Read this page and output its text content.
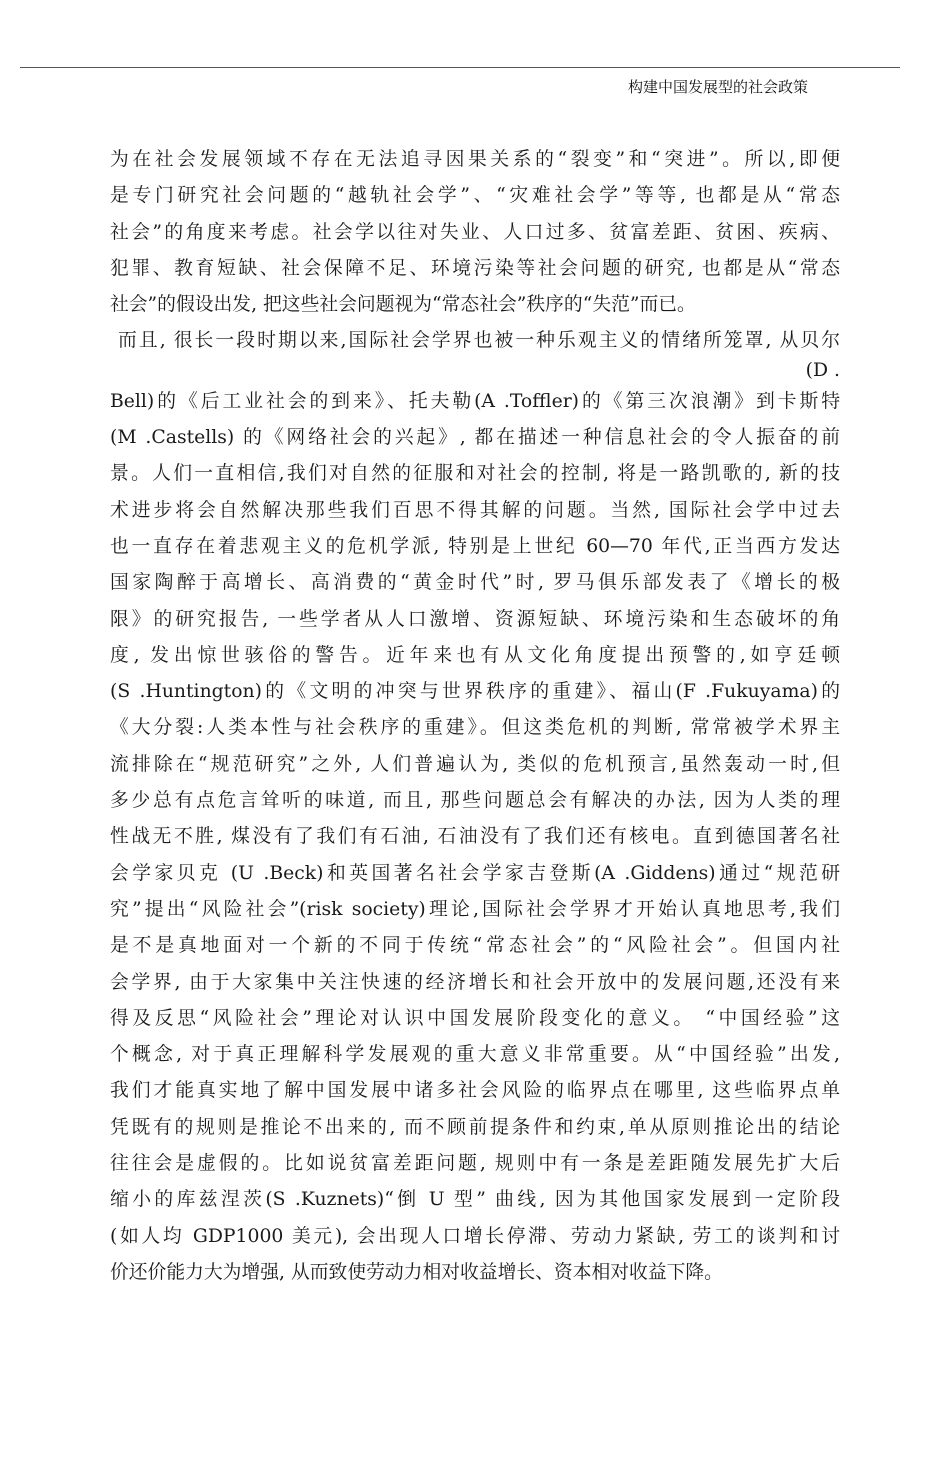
构建中国发展型的社会政策
为在社会发展领域不存在无法追寻因果关系的“裂变”和“突进”。所以,即便
是专门研究社会问题的“越轨社会学”、“灾难社会学”等等, 也都是从“常态
社会”的角度来考虑。社会学以往对失业、人口过多、贫富差距、贫困、疾病、
犯罪、教育短缺、社会保障不足、环境污染等社会问题的研究, 也都是从“常态
社会”的假设出发, 把这些社会问题视为“常态社会”秩序的“失范”而已。
而且, 很长一段时期以来,国际社会学界也被一种乐观主义的情绪所笼罩, 从贝尔
(D .
Bell)的《后工业社会的到来》、托夫勒(A .Toffler)的《第三次浪潮》到卡斯特
(M .Castells) 的《网络社会的兴起》, 都在描述一种信息社会的令人振奋的前
景。人们一直相信,我们对自然的征服和对社会的控制, 将是一路凯歌的, 新的技
术进步将会自然解决那些我们百思不得其解的问题。当然, 国际社会学中过去
也一直存在着悲观主义的危机学派, 特别是上世纪 60—70 年代,正当西方发达
国家陶醉于高增长、高消费的“黄金时代”时, 罗马俱乐部发表了《增长的极
限》的研究报告, 一些学者从人口激增、资源短缺、环境污染和生态破坏的角
度, 发出惊世骇俗的警告。近年来也有从文化角度提出预警的,如亨廷顿
(S .Huntington)的《文明的冲突与世界秩序的重建》、福山(F .Fukuyama)的
《大分裂:人类本性与社会秩序的重建》。但这类危机的判断, 常常被学术界主
流排除在“规范研究”之外, 人们普遍认为, 类似的危机预言,虽然轰动一时,但
多少总有点危言耸听的味道, 而且, 那些问题总会有解决的办法, 因为人类的理
性战无不胜, 煤没有了我们有石油, 石油没有了我们还有核电。直到德国著名社
会学家贝克 (U .Beck)和英国著名社会学家吉登斯(A .Giddens)通过“规范研
究”提出“风险社会”(risk society)理论,国际社会学界才开始认真地思考,我们
是不是真地面对一个新的不同于传统“常态社会”的“风险社会”。但国内社
会学界, 由于大家集中关注快速的经济增长和社会开放中的发展问题,还没有来
得及反思“风险社会”理论对认识中国发展阶段变化的意义。 “中国经验”这
个概念, 对于真正理解科学发展观的重大意义非常重要。从“中国经验”出发,
我们才能真实地了解中国发展中诸多社会风险的临界点在哪里, 这些临界点单
凭既有的规则是推论不出来的, 而不顾前提条件和约束,单从原则推论出的结论
往往会是虚假的。比如说贫富差距问题, 规则中有一条是差距随发展先扩大后
缩小的库兹涅茨(S .Kuznets)“倒 U 型” 曲线, 因为其他国家发展到一定阶段
(如人均 GDP1000 美元), 会出现人口增长停滞、劳动力紧缺, 劳工的谈判和讨
价还价能力大为增强, 从而致使劳动力相对收益增长、资本相对收益下降。
